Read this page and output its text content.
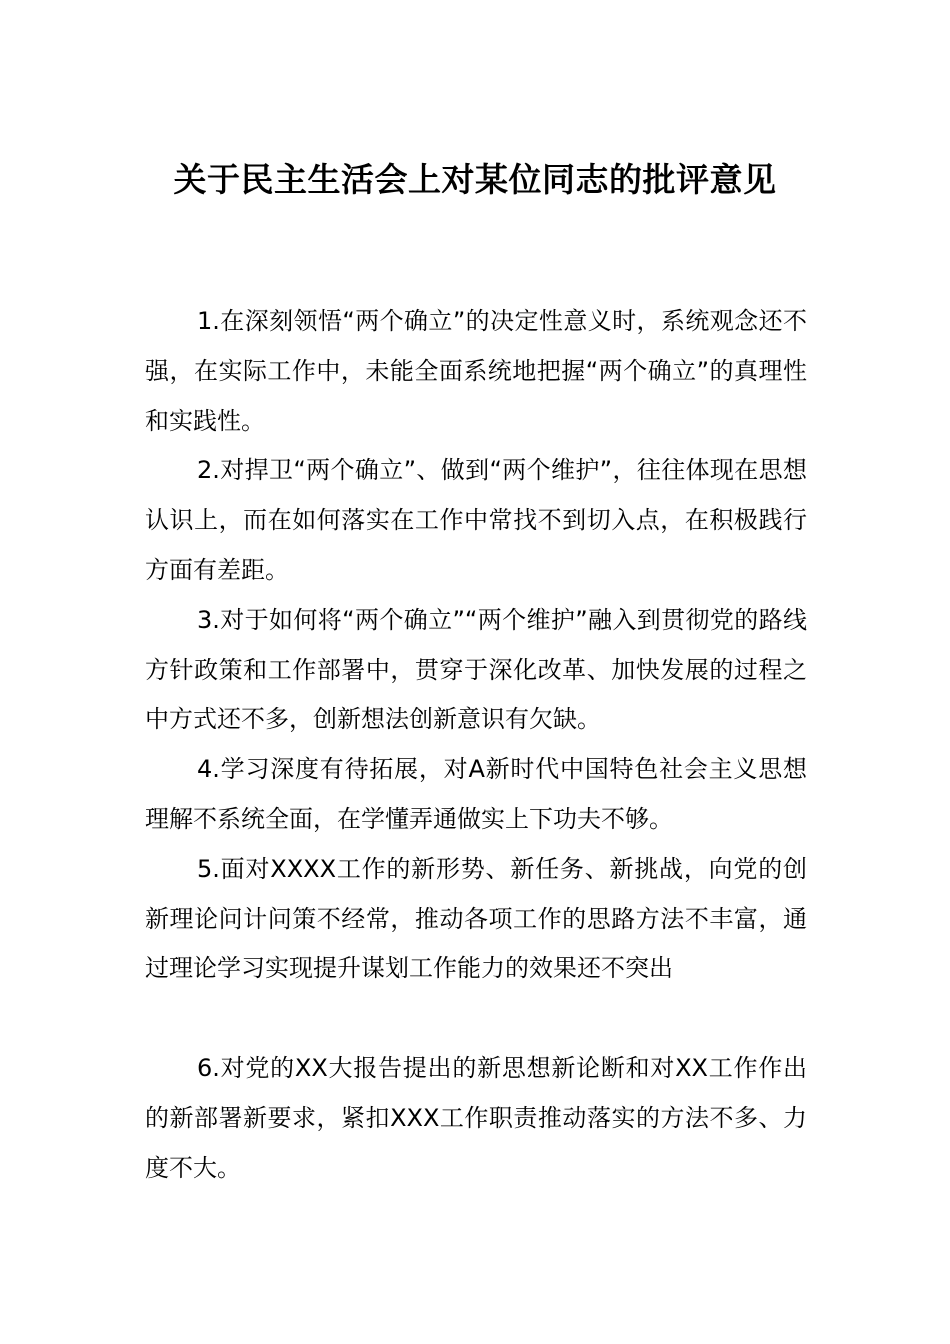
关于民主生活会上对某位同志的批评意见

1.在深刻领悟“两个确立”的决定性意义时，系统观念还不强，在实际工作中，未能全面系统地把握“两个确立”的真理性和实践性。

2.对捍卫“两个确立”、做到“两个维护”，往往体现在思想认识上，而在如何落实在工作中常找不到切入点，在积极践行方面有差距。

3.对于如何将“两个确立”“两个维护”融入到贯彻党的路线方针政策和工作部署中，贯穿于深化改革、加快发展的过程之中方式还不多，创新想法创新意识有欠缺。

4.学习深度有待拓展，对A新时代中国特色社会主义思想理解不系统全面，在学懂弄通做实上下功夫不够。

5.面对XXXX工作的新形势、新任务、新挑战，向党的创新理论问计问策不经常，推动各项工作的思路方法不丰富，通过理论学习实现提升谋划工作能力的效果还不突出

6.对党的XX大报告提出的新思想新论断和对XX工作作出的新部署新要求，紧扣XXX工作职责推动落实的方法不多、力度不大。
